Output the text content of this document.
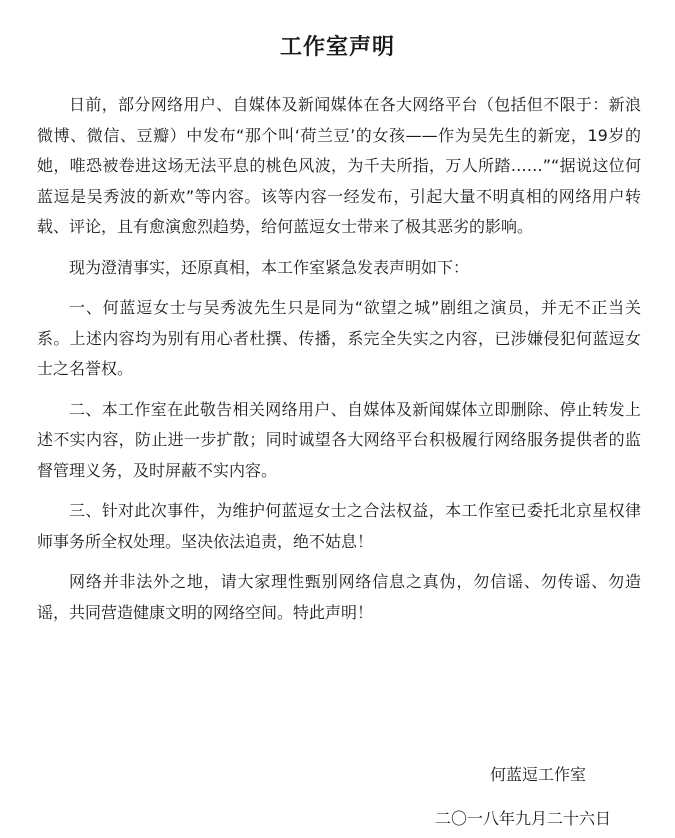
工作室声明

日前，部分网络用户、自媒体及新闻媒体在各大网络平台（包括但不限于：新浪微博、微信、豆瓣）中发布“那个叫‘荷兰豆’的女孩——作为吴先生的新宠，19岁的她，唯恐被卷进这场无法平息的桃色风波，为千夫所指，万人所踏……”“据说这位何蓝逗是吴秀波的新欢”等内容。该等内容一经发布，引起大量不明真相的网络用户转载、评论，且有愈演愈烈趋势，给何蓝逗女士带来了极其恶劣的影响。

现为澄清事实，还原真相，本工作室紧急发表声明如下：

一、何蓝逗女士与吴秀波先生只是同为“欲望之城”剧组之演员，并无不正当关系。上述内容均为别有用心者杜撰、传播，系完全失实之内容，已涉嫌侵犯何蓝逗女士之名誉权。

二、本工作室在此敬告相关网络用户、自媒体及新闻媒体立即删除、停止转发上述不实内容，防止进一步扩散；同时诚望各大网络平台积极履行网络服务提供者的监督管理义务，及时屏蔽不实内容。

三、针对此次事件，为维护何蓝逗女士之合法权益，本工作室已委托北京星权律师事务所全权处理。坚决依法追责，绝不姑息！

网络并非法外之地，请大家理性甄别网络信息之真伪，勿信谣、勿传谣、勿造谣，共同营造健康文明的网络空间。特此声明！

何蓝逗工作室
二〇一八年九月二十六日
